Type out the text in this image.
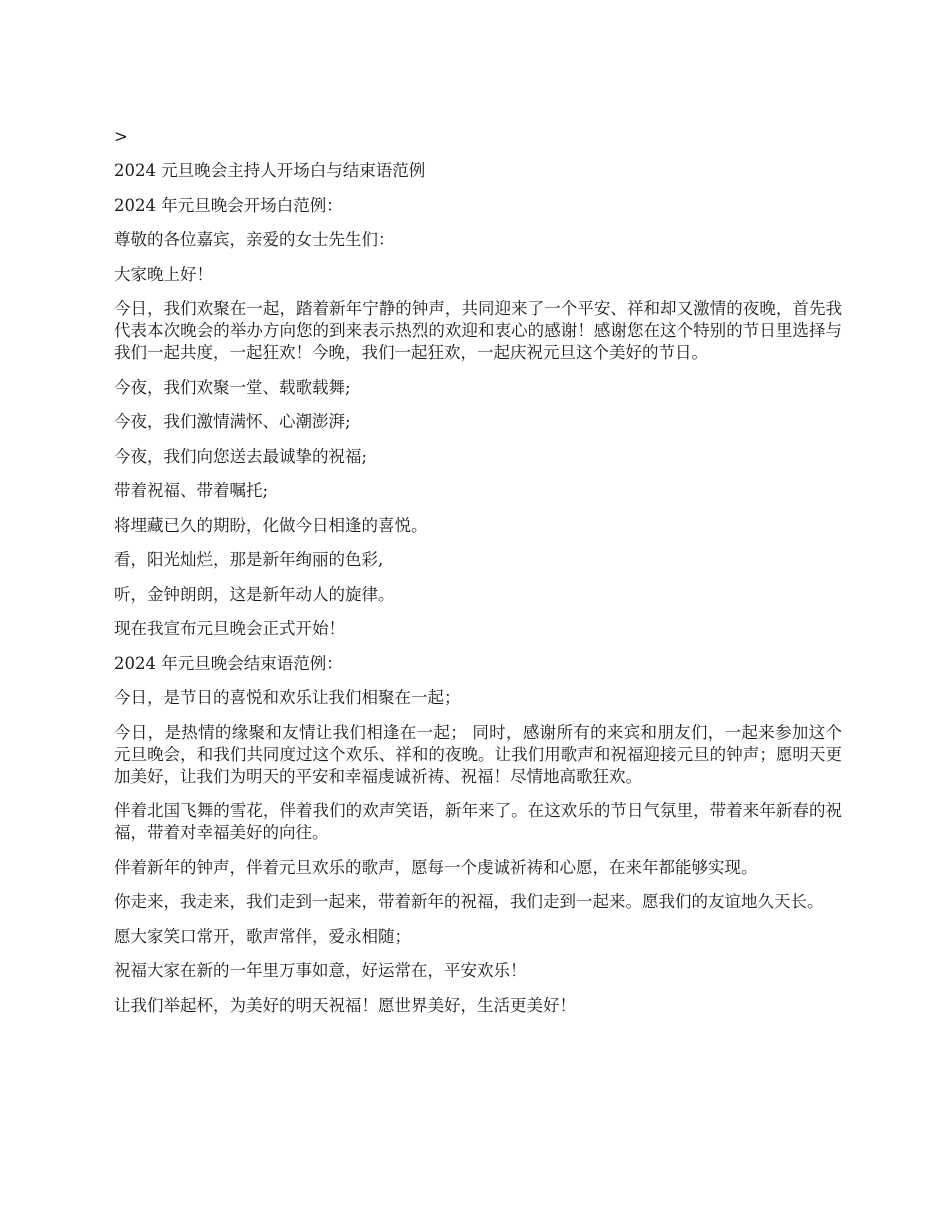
>

2024 元旦晚会主持人开场白与结束语范例

2024 年元旦晚会开场白范例：

尊敬的各位嘉宾，亲爱的女士先生们：

大家晚上好！

今日，我们欢聚在一起，踏着新年宁静的钟声，共同迎来了一个平安、祥和却又激情的夜晚，首先我代表本次晚会的举办方向您的到来表示热烈的欢迎和衷心的感谢！感谢您在这个特别的节日里选择与我们一起共度，一起狂欢！今晚，我们一起狂欢，一起庆祝元旦这个美好的节日。

今夜，我们欢聚一堂、载歌载舞;

今夜，我们激情满怀、心潮澎湃;

今夜，我们向您送去最诚挚的祝福;

带着祝福、带着嘱托;

将埋藏已久的期盼，化做今日相逢的喜悦。

看，阳光灿烂，那是新年绚丽的色彩,

听，金钟朗朗，这是新年动人的旋律。

现在我宣布元旦晚会正式开始！

2024 年元旦晚会结束语范例：

今日，是节日的喜悦和欢乐让我们相聚在一起；

今日，是热情的缘聚和友情让我们相逢在一起； 同时，感谢所有的来宾和朋友们，一起来参加这个元旦晚会，和我们共同度过这个欢乐、祥和的夜晚。让我们用歌声和祝福迎接元旦的钟声；愿明天更加美好，让我们为明天的平安和幸福虔诚祈祷、祝福！尽情地高歌狂欢。

伴着北国飞舞的雪花，伴着我们的欢声笑语，新年来了。在这欢乐的节日气氛里，带着来年新春的祝福，带着对幸福美好的向往。

伴着新年的钟声，伴着元旦欢乐的歌声，愿每一个虔诚祈祷和心愿，在来年都能够实现。

你走来，我走来，我们走到一起来，带着新年的祝福，我们走到一起来。愿我们的友谊地久天长。

愿大家笑口常开，歌声常伴，爱永相随；

祝福大家在新的一年里万事如意，好运常在，平安欢乐！

让我们举起杯，为美好的明天祝福！愿世界美好，生活更美好！
